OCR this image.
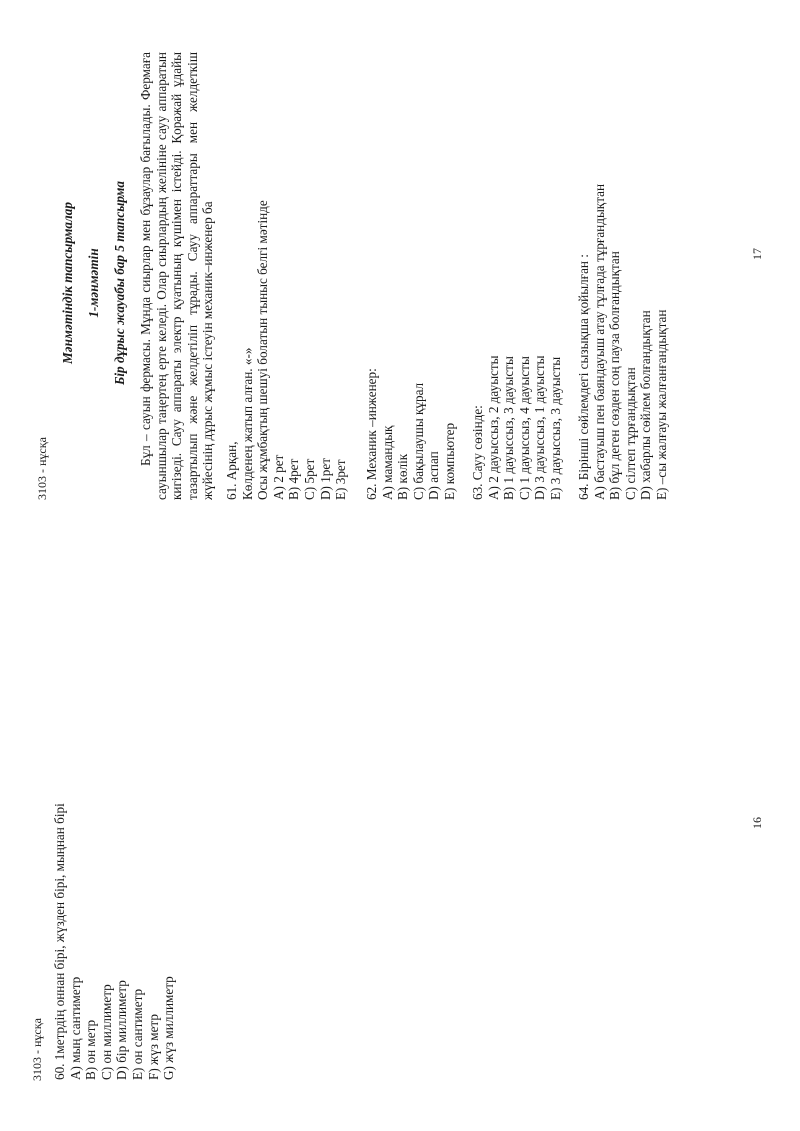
3103 - нұсқа 60. 1метрдің оннан бірі, жүзден бірі, мыңнан бірі А) мың сантиметр В) он метр С) он миллиметр D) бір миллиметр Е) он сантиметр F) жүз метр G) жүз миллиметр
16
3103 - нұсқа
Мәнмәтіндік тапсырмалар 1-мәнмәтін Бір дұрыс жауабы бар 5 тапсырма Бұл – сауын фермасы. Мұнда сиырлар мен бұзаулар бағылады. Фермаға сауыншылар таңертең ерте келеді. Олар сиырлардың желініне сауу аппаратын кигізеді. Сауу аппараты электр қуатының күшімен істейді. Қоражай ұдайы тазартылып және желдетіліп тұрады. Сауу аппараттары мен желдеткіш жүйесінің дұрыс жұмыс істеуін механик–инженер ба 61. Арқан, Көлденең жатып алған. «-» Осы жұмбақтың шешуі болатын тыныс белгі мәтінде А) 2 рет В) 4рет С) 5рет D) 1рет Е) 3рет 62. Механик –инженер: А) мамандық В) көлік С) бақылаушы құрал D) аспап Е) компьютер 63. Сауу сөзінде: А) 2 дауыссыз, 2 дауысты В) 1 дауыссыз, 3 дауысты С) 1 дауыссыз, 4 дауысты D) 3 дауыссыз, 1 дауысты Е) 3 дауыссыз, 3 дауысты 64. Бірінші сөйлемдегі сызықша қойылған : А) бастауыш пен баяндауыш атау тұлғада тұрғандықтан В) бұл деген сөзден соң пауза болғандықтан С) сілтеп тұрғандықтан D) хабарлы сөйлем болғандықтан Е) –сы жалғауы жалғанғандықтан
17
